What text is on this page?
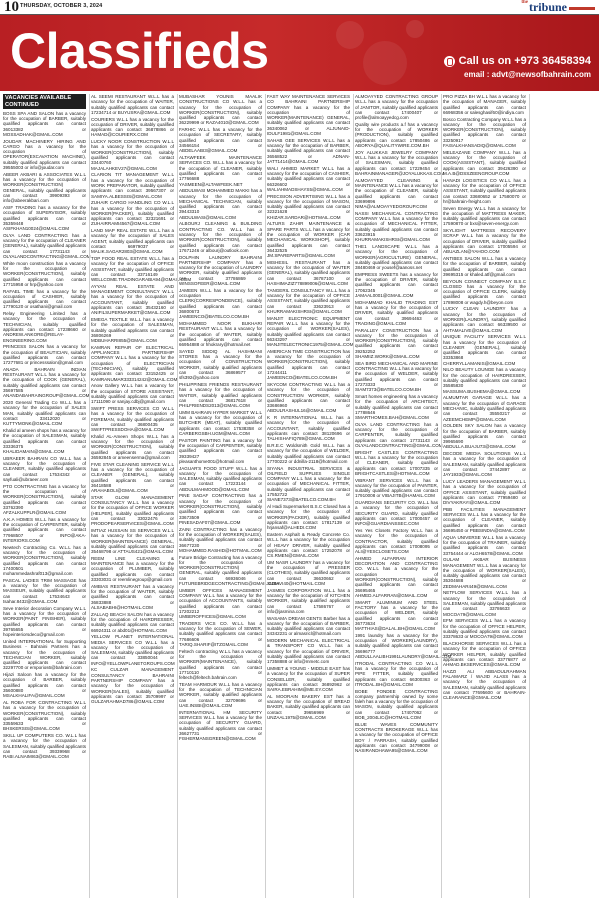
10 THURSDAY, OCTOBER 3, 2024
$^{the}$tribune
Classifieds	Call us on +973 36458394
email : advt@newsofbahrain.com
VACANCIES AVAILABLE CONTINUED

BOSS SPA AND SALON has a vacancy for the occupation of BARBER, suitably qualified applicants can contact 36013382 or MOSSADHAK@GMAIL.COM

JOUDAR MACHINERY HIRING AND CARGO has a vacancy for the occupation of OPERATOR(EXCAVATION MACHINE), suitably qualified applicants can contact 39555003 or info@joudar.com

ABEER AKBARI & ASSOCIATES W.L.L has a vacancy for the occupation of WORKER(CONSTRUCTION) GENERAL, suitably qualified applicants can contact 39909393 or info@abeerakbari.com

ASIF TRADING has a vacancy for the occupation of SUPERVISOR, suitably qualified applicants can contact 35359448 or ASIFKHAN10024@GMAIL.COM

OLYA LAND CONTRACTING has a vacancy for the occupation of CLEANER (GENERAL), suitably qualified applicants can contact 17731143 or OLYALANDCONTRACTING@GMAIL.COM

White moon construction has a vacancy for the occupation of WORKER(CONSTRUCTION), suitably qualified applicants can contact 17715958 or hrp@yahoo.com

RAFAEL TIME has a vacancy for the occupation of CASHIER, suitably qualified applicants can contact 17790120 or osathani@gmail.com

Relay Engineering Limited has a vacancy for the occupation of TECHNICIAN, suitably qualified applicants can contact 17238660 or ANDREW.ANKORE@RELAY-ENGINEERING.COM

PRINCESS SALON has a vacancy for the occupation of BEAUTICIAN, suitably qualified applicants can contact 17277681 or princesssalon@gmail.com

ANADA BAHRAIN INDIAN RESTAURANT W.L.L has a vacancy for the occupation of COOK (GENERAL), suitably qualified applicants can contact 35697585 or ANANDABAHRAINGROUP@GMAIL.COM

2020 General Trading Co W.L.L has a vacancy for the occupation of SALES MAN, suitably qualified applicants can contact 33412020 or KUTTYMONK@GMAIL.COM

Khalid al ameen shops has a vacancy for the occupation of SALESMAN, suitably qualified applicants can contact 33336375 or KHALIDAMAIN@GMAIL.COM

UBRAEER BAHRAIN CO W.L.L has a vacancy for the occupation of CLEANER, suitably qualified applicants can contact 17534342 or sayfuali@ubraeer.com

PTO CONTRACTING has a vacancy for the occupation of WORKER(CONSTRUCTION), suitably qualified applicants can contact 33762390 or AFZALKUPPLR@GMAIL.COM

A.K.A HOMES W.L.L has a vacancy for the occupation of CARPENTER, suitably qualified applicants can contact 77968507 or INFO@AKA-INTERIORS.COM

Newtech Contracting Co. W.L.L has a vacancy for the occupation of WORKER(CONSTRUCTION), suitably qualified applicants can contact 17400501 or mohammedashraf013@gmail.com

PASCAL LADIES TRIM MASSAGE has a vacancy for the occupation of MASSEUR, suitably qualified applicants can contact 17534643 or tsahar.8432@GMAIL.COM

Seve Interior decoration Company W.L.L has a vacancy for the occupation of WORKER(PAINT FINISHER), suitably qualified applicants can contact 39765655 or hopeinteriorsdeco@gmail.com

United INTERNATIONAL for Supporting Business - Bahraini Partners has a vacancy for the occupation of TECHNICIAN WORKER, suitably qualified applicants can contact 32297700 or emporios6@bahraini.com

Hijazi Saloon has a vacancy for the occupation of BARBER, suitably qualified applicants can contact 35600880 or MSALKHALIFA@GMAIL.COM

AL ROBA FOR CONTRACTING W.L.L has a vacancy for the occupation of WORKER(CONSTRUCTION), suitably qualified applicants can contact 33559633 or BHSKERSIS@GMAIL.COM

SKILL UP COMPUTERS CO. W.L.L has a vacancy for the occupation of SALESMAN, suitably qualified applicants can contact 39339968 or RABI.ALNAIMI63@GMAIL.COM

AL SEEMI RESTAURANT W.L.L has a vacancy for the occupation of WAITER, suitably qualified applicants can contact 17234714 or BUYUSRA@GMAIL.COM

COURIERS W.L.L has a vacancy for the occupation of DRIVER, suitably qualified applicants can contact 36878866 or HAMAD@COURIERX.COM

LUCKY NOOR CONSTRUCTION W.L.L has a vacancy for the occupation of WORKER(CONSTRUCTION), suitably qualified applicants can contact 33440760 or MAJALAHKEV27@GMAIL.COM

CLARION TIT MANAGEMENT W.L.L has a vacancy for the occupation of WORK PREPARATOR, suitably qualified applicants can contact 39567307 or SAMIYA.ALBESSIS@GMAIL.COM

ZUHAIR CARGO HANDLING CO W.L.L has a vacancy for the occupation of WORKER(PACKER), suitably qualified applicants can contact 32321691 or ZUHAIRRAMI4567@GMAIL.COM

LAND MAP REAL ESTATE W.L.L has a vacancy for the occupation of SALES AGENT, suitably qualified applicants can contact 66979037 or MALIK.SAGAR2803@GMAIL.COM

TOP FOOD REAL ESTATE W.L.L has a vacancy for the occupation of OFFICE ASSISTANT, suitably qualified applicants can contact 33716149 or WELLCOME.TRADINGARABIA94@GMAIL.COM

AYYAN REAL ESTATE AND MANAGEMENT CONSULTANCY W.L.L has a vacancy for the occupation of ACCOUNTANT, suitably qualified applicants can contact 35432160 or ANIFILSUPERMARKET@GMAIL.COM

EMEGA TEXTILE W.L.L has a vacancy for the occupation of SALESMAN, suitably qualified applicants can contact 36806269 or MDBUHARRI855@GMAIL.COM

KAMRAN REPAIR OF ELECTRICAL APPLIANCES PARTNERSHIP COMPANY W.L.L has a vacancy for the occupation of ELECTRICIAN (TECHNICIAN), suitably qualified applicants can contact 33152425 or KAMRANUMAR333314242@GMAIL.COM

Anow Gallery W.L.L has a vacancy for the occupation of STORE ASSISTANT, suitably qualified applicants can contact 17111090 or sanjay.cdbj@gmail.com

SWIFT PRESS SERVICES CO W.L.L has a vacancy for the occupation of FOREMAN, suitably qualified applicants can contact 36800435 or SWIFTPRESSDOHA@GMAIL.COM

Khalid AL-Ameen Shops W.L.L has a vacancy for the occupation of WORKER(CONSTRUCTION), suitably qualified applicants can contact 36592845 or ameenserma@gmail.com

FIVE STAR CLEANING SERVICE W.L.L has a vacancy for the occupation of CLEANER (GENERAL), suitably qualified applicants can contact 36418588 or ARAHABOLI@GMAIL.COM

STAR GLOW MANAGEMENT CONSULTANCY W.L.L has a vacancy for the occupation of OFFICE WORKER (HELPER), suitably qualified applicants can contact 33022476 or PRODOPEARSERVICES@GMAIL.COM

IMTIAZ HUSSAIN SS SERVICES W.L.L has a vacancy for the occupation of WORKER(MAINTENANCE) GENERAL, suitably qualified applicants can contact 35468798 or ATTAUS421@GMAIL.COM

REEM LINE CLEANING & MAINTENANCE has a vacancy for the occupation of PLUMBER, suitably qualified applicants can contact 33303031 or reemlinegroup@gmail.com

AMBIAS RESTAURANT has a vacancy for the occupation of WAITER, suitably qualified applicants can contact 36833888 or ALSABABHI@HOTMAIL.COM

ZALLAQ BEACH SALON has a vacancy for the occupation of HAIRDRESSER, suitably qualified applicants can contact 66924311 or abd01@HOTMAIL.COM

YELLOW PLANET INTERNATIONAL MEDIA SERVICES CO W.L.L has a vacancy for the occupation of SALESMAN, suitably qualified applicants can contact 33850044 or INFO@YELLOWPLANETGROUPS.COM

KC CULZAR MANAGEMENT CONSULTANCY BAHRAINI PARTNERSHIP COMPANY has a vacancy for the occupation of WORKER(SALES), suitably qualified applicants can contact 35709997 or GULZARAHMAD786@GMAIL.COM

MUBASHAR YOUNIS MAALIK CONSTRUCTIONS CO W.L.L has a vacancy for the occupation of WORKER(CONSTRUCTION), suitably qualified applicants can contact 36229999 or RAZA4010@GMAIL.COM

FARHIC W.L.L has a vacancy for the occupation of SECRETARY, suitably qualified applicants can contact 34566154 or ABDELAABI3@GMAIL.COM

ALTAWFEEK MAINTENANCE SERVICES CO. W.L.L has a vacancy for the occupation of CLEANER, suitably qualified applicants can contact 17766688 or YASMEEN@ALTAWFEEK.NET

ABDULWASI MOHAMMED MAKKI has a vacancy for the occupation of MECHANICAL TECHNICIAN, suitably qualified applicants can contact 39443310 or ABDULWASI@GMAIL.COM

ALBOURJ CLEANING & BUILDING CONTRACTING CO. W.L.L has a vacancy for the occupation of WORKER(CONSTRUCTION), suitably qualified applicants can contact 17671246 or albourj@outlook.com

DOLPHIN LAUNDRY BAHRAINI PARTNERSHIP COMPANY has a vacancy for the occupation of LAUNDRY WORKER, suitably qualified applicants can contact 37786869 or WINSSOFEER@GMAIL.COM

JAMEEN W.L.L has a vacancy for the occupation of CLERK(CORRESPONDENCE), suitably qualified applicants can contact 36800673 or JAMEENCO@BATELCO.COM.BH

MOHAMMED NOOR BUKHARI RESTAURANT W.L.L has a vacancy for the occupation of WAITER, suitably qualified applicants can contact 66954888 or hhokrary@hotmail.net

SAYED SIDDIQ AL HASHMANI STORES has a vacancy for the occupation of CONSTRUCTION WORKER, suitably qualified applicants can contact 36869577 or sfs392@yahoo.com

PHILIPPINES FRIENDS RESTAURANT has a vacancy for the occupation of WAITER, suitably qualified applicants can contact 36817618 or PHILFRIENDS2013@GMAIL.COM

UMM BAHRAIN HYPER MARKET W.L.L has a vacancy for the occupation of BUTCHER (MEAT), suitably qualified applicants can contact 17538358 or CARBERGSBH.UGM@MAIL.COM

PASTOR PAINTING has a vacancy for the occupation of CARPENTER, suitably qualified applicants can contact 39339427 or pleasanthome001@hotmail.com

JAGUAR'S FOOD STUFF W.L.L has a vacancy for the occupation of SALESMAN, suitably qualified applicants can contact 17223144 or ABDULMAHMOOD@GMAIL.COM

PINE SADAF CONTRACTING has a vacancy for the occupation of WORKER(CONSTRUCTION), suitably qualified applicants can contact 33673509 or PINESADAF07@GMAIL.COM

ZAINI CONTRACTING has a vacancy for the occupation of WORKER(SALES), suitably qualified applicants can contact 36677230 or MOHAMMED.RASHID@HOTMAIL.COM

Future Bridge Contracting has a vacancy for the occupation of WORKER(CONSTRUCTION) GENERAL, suitably qualified applicants can contact 66936046 or FUTUREBRIDGECONTRACTING@GMAIL.COM

UMBER OFFICES MANAGEMENT COMPANY W.L.L has a vacancy for the occupation of ACCOUNTANTS, suitably qualified applicants can contact 17202212 or UMBEROFFICES@GMAIL.COM

TRADERS VICS CO. W.L.L has a vacancy for the occupation of SEWER, suitably qualified applicants can contact 77686606 or TARIQ.SHARIF@ITZGMAIL.COM

Feltech contracting W.L.L has a vacancy for the occupation of WORKER(MAINTENANCE), suitably qualified applicants can contact 17710110 or feltech@feltech.bahrain.com

TEAM HARMOUR W.L.L has a vacancy for the occupation of TECHNICIAN WORKER, suitably qualified applicants can contact 32709696 or UAE.INSBI@GMAIL.COM

INTERNATIONAL HM SECURITY SERVICES W.L.L has a vacancy for the occupation of SECURITY GUARD, suitably qualified applicants can contact 36627731 or FISHERMANSGREEN@GMAIL.COM

FAST WAY MAINTENANCE SERVICES CO BAHRAINI PARTNERSHIP COMPANY has a vacancy for the occupation of WORKER(MAINTENANCE) GENERAL, suitably qualified applicants can contact 36340062 or ALJUNAID-IDULF1981@GMAIL.COM

SAHAB GEE SERVICES W.L.L has a vacancy for the occupation of BARBER, suitably qualified applicants can contact 36568522 or ADNAN-JATT1414@GMAIL.COM

WALI AHMED MARKET W.L.L has a vacancy for the occupation of CASHIER, suitably qualified applicants can contact 66326602 or WALIAHMADSHAYS5@GMAIL.COM

PRECISION ADVERTISING W.L.L has a vacancy for the occupation of MASON, suitably qualified applicants can contact 32321628 or KHIZAR.SARDAR@HOTMAIL.COM

ALTURS ZAHIR MAINTENANCE & SPARE PARTS W.L.L has a vacancy for the occupation of WORKER (CAR MECHANICAL WORKSHOP), suitably qualified applicants can contact 36432525 or JM.SPAREPARTS@GMAIL.COM

MISHESIL RESTAURANT has a vacancy for the occupation of WAITER (GENERAL), suitably qualified applicants can contact 36787100 or HASHIMAZIZ778899006@GMAIL.COM

TANGERIL CONSULTANCY W.L.L has a vacancy for the occupation of OFFICE ASSISTANT, suitably qualified applicants can contact 33623913 or KHURRAMAKISHRSI@GMAIL.COM

MANJIT ELECTRONIC EQUIPMENT REPAIR W.L.L has a vacancy for the occupation of WORKER(SALES), suitably qualified applicants can contact 66343297 or MANJITELECTRONIC1975@GMAIL.COM

AMERICAN TIME CONSTRUCTION has a vacancy for the occupation of WORKER(CONSTRUCTION), suitably qualified applicants can contact 17244411 or JAMEENCO@BATELCO.COM.BH

SKYCOM CONTRACTING W.L.L has a vacancy for the occupation of CONSTRUCTION WORKER, suitably qualified applicants can contact 33686960 or ABDULRASHUL16@GMAIL.COM

K R INTERNATIONAL W.L.L has a vacancy for the occupation of ACCOUNTANT, suitably qualified applicants can contact 38120696 or TALHISHAFIQ789@GMAIL.COM

B.R.E.C Woldsmith Gold W.L.L has a vacancy for the occupation of WELDER, suitably qualified applicants can contact 17700222 or ddnilla-2118@hotmail.com

SIYANA INDUSTRIAL SERVICES & OILFIELD SUPPLIES SINGLE COMPANY W.L.L has a vacancy for the occupation of MECHANICAL FITTER, suitably qualified applicants can contact 17552722 or SIANE7373@BATELCO.COM.BH

Al Hadi Supermarket B.S.C Closed has a vacancy for the occupation of WORKER(PACKER), suitably qualified applicants can contact 17817139 or hrjansaf@ALHEDI.COM

Eastern Asphalt & Ready Concrete Co. W.L.L has a vacancy for the occupation of HEAVY DRIVER, suitably qualified applicants can contact 17252078 or CS.RMEN@GMAIL.COM

UM NASR LAUNDRY has a vacancy for the occupation of PRESSER (CLOTHES), suitably qualified applicants can contact 36630662 or SUBAVI40@HOTMAIL.COM

JASMES CORPORATION W.L.L has a vacancy for the occupation of KITCHEN WORKER, suitably qualified applicants can contact 17586767 or info@jasmina.com

WASAMA DREAM GENTS Barber has a vacancy for the occupation of BARBER, suitably qualified applicants can contact 34342231 or almasricl@hotmail.com

MODERN MECHANICAL ELECTRICAL & TRANSPORT CO W.L.L has a vacancy for the occupation of DRIVER, suitably qualified applicants can contact 17358888 or info@mmetc.com

UMMET & YOUNG - MIDDLE EAST has a vacancy for the occupation of SUPER CONSELLER, suitably qualified applicants can contact 36892962 or SAIRA.EBRAHIM@ME.EY.COM

AL MOORAIN BAKERY EST has a vacancy for the occupation of BREAD BAKER, suitably qualified applicants can contact 39656969 or UNZAAL1975@GMAIL.COM

ALMOAYYED CONTRACTING GROUP W.L.L has a vacancy for the occupation of JANITOR, suitably qualified applicants can contact 17400407 or profile@almoayyedcg.com

Quality wire products a.f has a vacancy for the occupation of WORKER (PRODUCTION), suitably qualified applicants can contact 17850486 or ABORYA@QUALITYWIRE.COM.BH

JOY ALUKKAS JEWELRY COMPANY W.L.L has a vacancy for the occupation of SALESMAN, suitably qualified applicants can contact 17229454 or BAHRAINMANAGER@JOYALUKKAS.COM

ALMOAYYED CLEANING & MAINTENANCE W.L.L has a vacancy for the occupation of CLEANER, suitably qualified applicants can contact 33699896 or NIMA@ALMOAYYEDGROUP.COM

NASSI MECHANICAL CONTRACTING COMPANY W.L.L has a vacancy for the occupation of MECHANICAL FITTER, suitably qualified applicants can contact 33623915 or KHURRAMAKISHRSI@GMAIL.COM

THE1 LANDSCAPE W.L.L has a vacancy for the occupation of WORKER(AGRICULTURE) GENERAL, suitably qualified applicants can contact 38480469 or yousef@aanoss.net

EMPRESS SWEETS has a vacancy for the occupation of DRIVER, suitably qualified applicants can contact 17062345 or JAMAAL0001@GMAIL.COM

MOHAMMAD KHALID TRADING EST has a vacancy for the occupation of DRIVER, suitably qualified applicants can contact 39694463 or TRADING@GMAIL.COM

PARALLEY CONSTRUCTION has a vacancy for the occupation of WORKER(CONSTRUCTION), suitably qualified applicants can contact 39252252 or SHAMIIZ.WORK@GMAIL.COM

SEA BIRD MECHANICAL AND MARINE CONTRACTING W.L.L has a vacancy for the occupation of WELDER, suitably qualified applicants can contact 17273333 or SIAM7373@BATELCO.COM.BH

Smart homes engineering has a vacancy for the occupation of ARCHITECT, suitably qualified applicants can contact 17788646 or SMARTHOMES.BAH@GMAIL.COM

OLYA LAND CONTRACTING has a vacancy for the occupation of CARPENTER, suitably qualified applicants can contact 17731143 or OLYALANDCONTRACTING@GMAIL.COM

BRIGHT CASTLES CONTRACTING W.L.L has a vacancy for the occupation of CLEANER, suitably qualified applicants can contact 17007335 or BRIGHTCASTLES@HOTMAIL.COM

VIBRANT SERVICES W.L.L has a vacancy for the occupation of PAINTER, suitably qualified applicants can contact 17910008 or VIBAJITB@HAMAIL.COM

GUARDIANS SECURITY CO. W.L.L has a vacancy for the occupation of SECURITY GUARD, suitably qualified applicants can contact 17000457 or INFO@GUARDIANSSEC.COM

Yes Yes Closets Factory W.L.L has a vacancy for the occupation of CONTRACTOR, suitably qualified applicants can contact 17008095 or ALI@YESCLOSETS.COM

AHMED ALFARRAN INTERIOR DECORATION AND CONTRACTING CO. W.L.L has a vacancy for the occupation of WORKER(CONSTRUCTION), suitably qualified applicants can contact 36695465 or AHMED.ALFARRAN@GMAIL.COM

SMART ALUMINIUM AND STEEL FACTORY has a vacancy for the occupation of WELDER, suitably qualified applicants can contact 36773634 or MATTHIAS@DALAL.BH@GMAIL.COM

1991 laundry has a vacancy for the occupation of WORKER(LAUNDRY), suitably qualified applicants can contact 36696777 or ABDULLAALIBH1991LAUNDRY@GMAIL.COM

ITRODAL CONTRACTING CO W.L.L has a vacancy for the occupation of PIPE FITTER, suitably qualified applicants can contact 66300363 or ITRODAL.BH@GMAIL.COM

BOBE FONDEE CONTRACTING company partnership owned by some faleh has a vacancy for the occupation of MASON, suitably qualified applicants can contact 17407062 or BOB_2004LIC@HOTMAIL.COM

BLUE WAVES COMMUNITY CONTRACTS BROKERAGE W.L.L has a vacancy for the occupation of OFFICE BOY / FARRASH, suitably qualified applicants can contact 34799008 or NASIRANDHAWA95@GMAIL.COM

PRO PIZZA BH W.L.L has a vacancy for the occupation of MANAGER, suitably qualified applicants can contact 66968356 or salesghasif60@indiya.com

Bosco Contracting Company W.L.L has a vacancy for the occupation of WORKER(CONSTRUCTION), suitably qualified applicants can contact 33250917 or FAISALKHANSADIQ@GMAIL.COM

MELEAZANE COMPANY W.L.L has a vacancy for the occupation of COOK(ASSISTANT), suitably qualified applicants can contact 39426390 or M.A.B@DSSZEENGROUP.COM

HANADI LOGISTICS CO W.L.L has a vacancy for the occupation of OFFICE ASSISTANT, suitably qualified applicants can contact 33680652 or 17580070 or hr@bahrain-freight.com

Seven Energy W.L.L has a vacancy for the occupation of MATTRESS MAKER, suitably qualified applicants can contact 17590870 or bxs@seven-energy.com

SKYLIGHT MATTRESS RECOVERY SCRAP W.L.L has a vacancy for the occupation of DRIVER, suitably qualified applicants can contact 17005594 or ABUAZLAN@YAHOO.COM

ANTIBES SALON W.L.L has a vacancy for the occupation of BARBER, suitably qualified applicants can contact 39695315 or khaled.atf@gmail.com

BEYOUN CONNECT COMPANY B.S.C CLOSED has a vacancy for the occupation of OFFICE CLERK, suitably qualified applicants can contact 17898008 or wagdy.h@beyon.com

LUCKY CLEAN LAUNDRY has a vacancy for the occupation of WORKER(LAUNDRY), suitably qualified applicants can contact 66339500 or AHTAMALIVE@GMAIL.COM

UNIQUE FACILITY SERVICES W.L.L has a vacancy for the occupation of CLEANER (GENERAL), suitably qualified applicants can contact 33353868 or CHERRYLLAMANIS@GMAIL.COM

NILO BEAUTY LOUNGE has a vacancy for the occupation of HAIRDRESSER, suitably qualified applicants can contact 35585830 or MASSUMA.BUSHEMA@GMAIL.COM

ALMUMTAR GARAGE W.L.L has a vacancy for the occupation of GARAGE MECHANIC, suitably qualified applicants can contact 35550217 or AZEEMCHEMP@GMAIL.COM

GOLDEN SKY SALON has a vacancy for the occupation of BARBER, suitably qualified applicants can contact 39965690 or ABDULLA.BUAJU73@GMAIL.COM

DECODE MEDIA SOLUTIONS W.L.L has a vacancy for the occupation of SALESMAN, suitably qualified applicants can contact 37442897 or JAY1933@GMAIL.COM

LUCY LEADERS MANAGEMENT W.L.L has a vacancy for the occupation of OFFICE ASSISTANT, suitably qualified applicants can contact 77959480 or DIVYAKRAYI@GMAIL.COM

PBB FACILITIES MANAGEMENT SERVICES W.L.L has a vacancy for the occupation of CLEANER, suitably qualified applicants can contact 36695450 or PBBSINDIA@GMAIL.COM

AQUA UNIVERSE W.L.L has a vacancy for the occupation of TRAINER, suitably qualified applicants can contact 33754444 or ALGH6578@GMAIL.COM

GULAM AKBAR BUSINESS MANAGEMENT W.L.L has a vacancy for the occupation of WORKER(SALES), suitably qualified applicants can contact 35304688 or ZEDMAHAR449@GMAIL.COM

NETFLOW SERVICES W.L.L has a vacancy for the occupation of SALESMAN, suitably qualified applicants can contact 33786633 or MOCOA79@GMAIL.COM

EFM SERVICES W.L.L has a vacancy for the occupation of OFFICE HELPER, suitably qualified applicants can contact 33378633 or MOCOA79@GMAIL.COM

BLACKHORSE SERVICES W.L.L has a vacancy for the occupation of OFFICE WORKER HELPER, suitably qualified applicants can contact 33776877 or AHMAD.BKSERVICES@GMAIL.COM

HAZZI ALI ABBADULRAHMAN FALAMARZ / WAJID ALASS has a vacancy for the occupation of SALESMAN, suitably qualified applicants can contact 77695600 or BAHRAIN-CLEARANCE@GMAIL.COM
